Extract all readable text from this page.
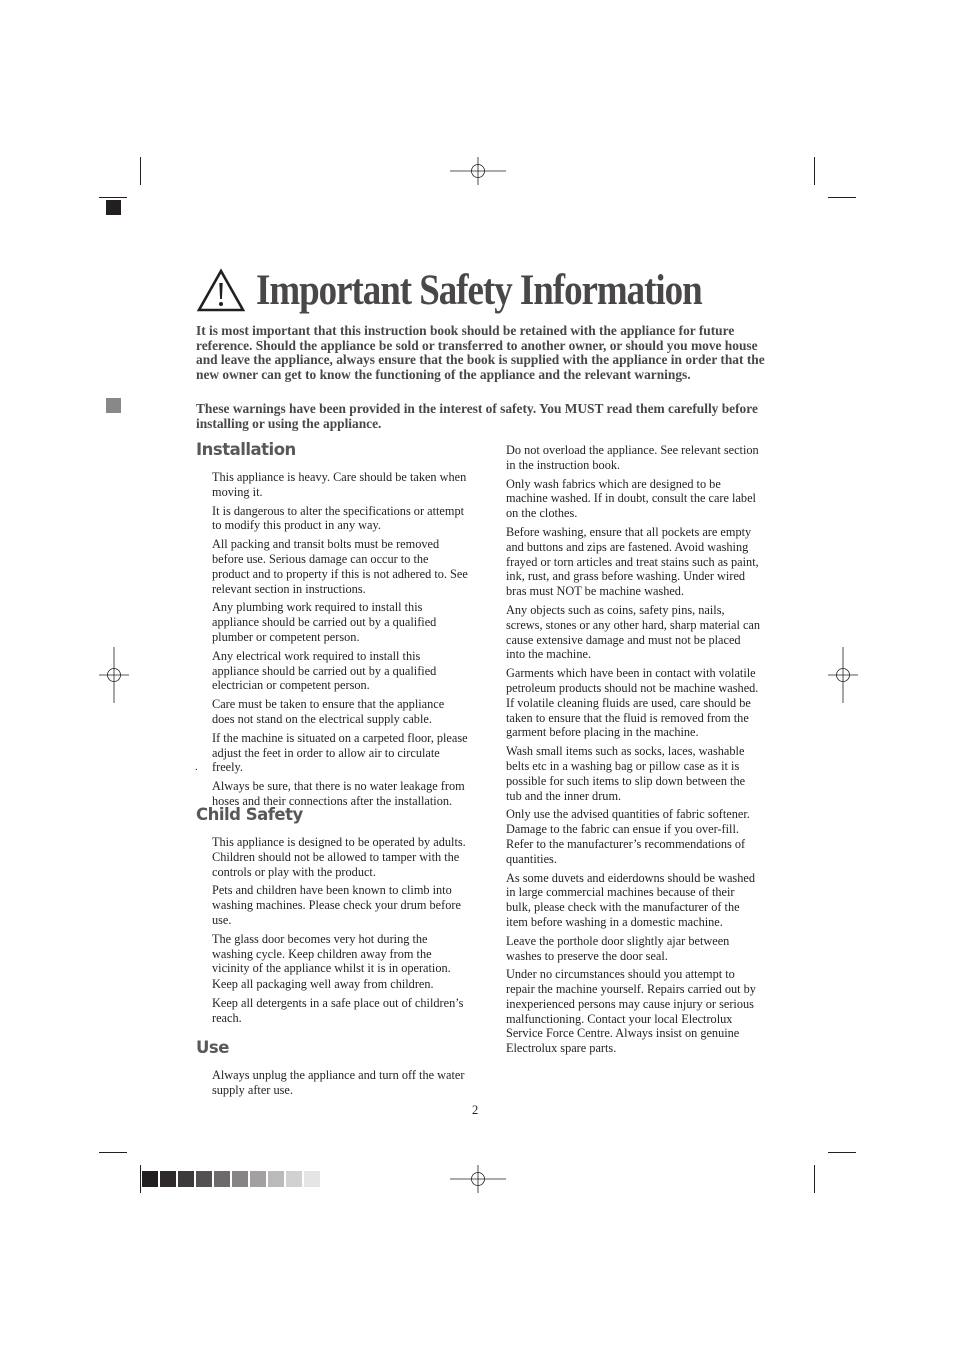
Important Safety Information
It is most important that this instruction book should be retained with the appliance for future reference. Should the appliance be sold or transferred to another owner, or should you move house and leave the appliance, always ensure that the book is supplied with the appliance in order that the new owner can get to know the functioning of the appliance and the relevant warnings.
These warnings have been provided in the interest of safety. You MUST read them carefully before installing or using the appliance.
Installation

This appliance is heavy. Care should be taken when moving it.

It is dangerous to alter the specifications or attempt to modify this product in any way.

All packing and transit bolts must be removed before use. Serious damage can occur to the product and to property if this is not adhered to. See relevant section in instructions.

Any plumbing work required to install this appliance should be carried out by a qualified plumber or competent person.

Any electrical work required to install this appliance should be carried out by a qualified electrician or competent person.

Care must be taken to ensure that the appliance does not stand on the electrical supply cable.

If the machine is situated on a carpeted floor, please adjust the feet in order to allow air to circulate freely.

Always be sure, that there is no water leakage from hoses and their connections after the installation.

.
Child Safety

This appliance is designed to be operated by adults. Children should not be allowed to tamper with the controls or play with the product.

Pets and children have been known to climb into washing machines. Please check your drum before use.

The glass door becomes very hot during the washing cycle. Keep children away from the vicinity of the appliance whilst it is in operation.

Keep all packaging well away from children.

Keep all detergents in a safe place out of children’s reach.

Use

Always unplug the appliance and turn off the water supply after use.

Do not overload the appliance. See relevant section in the instruction book.

Only wash fabrics which are designed to be machine washed. If in doubt, consult the care label on the clothes.

Before washing, ensure that all pockets are empty and buttons and zips are fastened. Avoid washing frayed or torn articles and treat stains such as paint, ink, rust, and grass before washing. Under wired bras must NOT be machine washed.

Any objects such as coins, safety pins, nails, screws, stones or any other hard, sharp material can cause extensive damage and must not be placed into the machine.

Garments which have been in contact with volatile petroleum products should not be machine washed. If volatile cleaning fluids are used, care should be taken to ensure that the fluid is removed from the garment before placing in the machine.

Wash small items such as socks, laces, washable belts etc in a washing bag or pillow case as it is possible for such items to slip down between the tub and the inner drum.

Only use the advised quantities of fabric softener. Damage to the fabric can ensue if you over-fill. Refer to the manufacturer’s recommendations of quantities.

As some duvets and eiderdowns should be washed in large commercial machines because of their bulk, please check with the manufacturer of the item before washing in a domestic machine.

Leave the porthole door slightly ajar between washes to preserve the door seal.

Under no circumstances should you attempt to repair the machine yourself. Repairs carried out by inexperienced persons may cause injury or serious malfunctioning. Contact your local Electrolux Service Force Centre. Always insist on genuine Electrolux spare parts.

2
